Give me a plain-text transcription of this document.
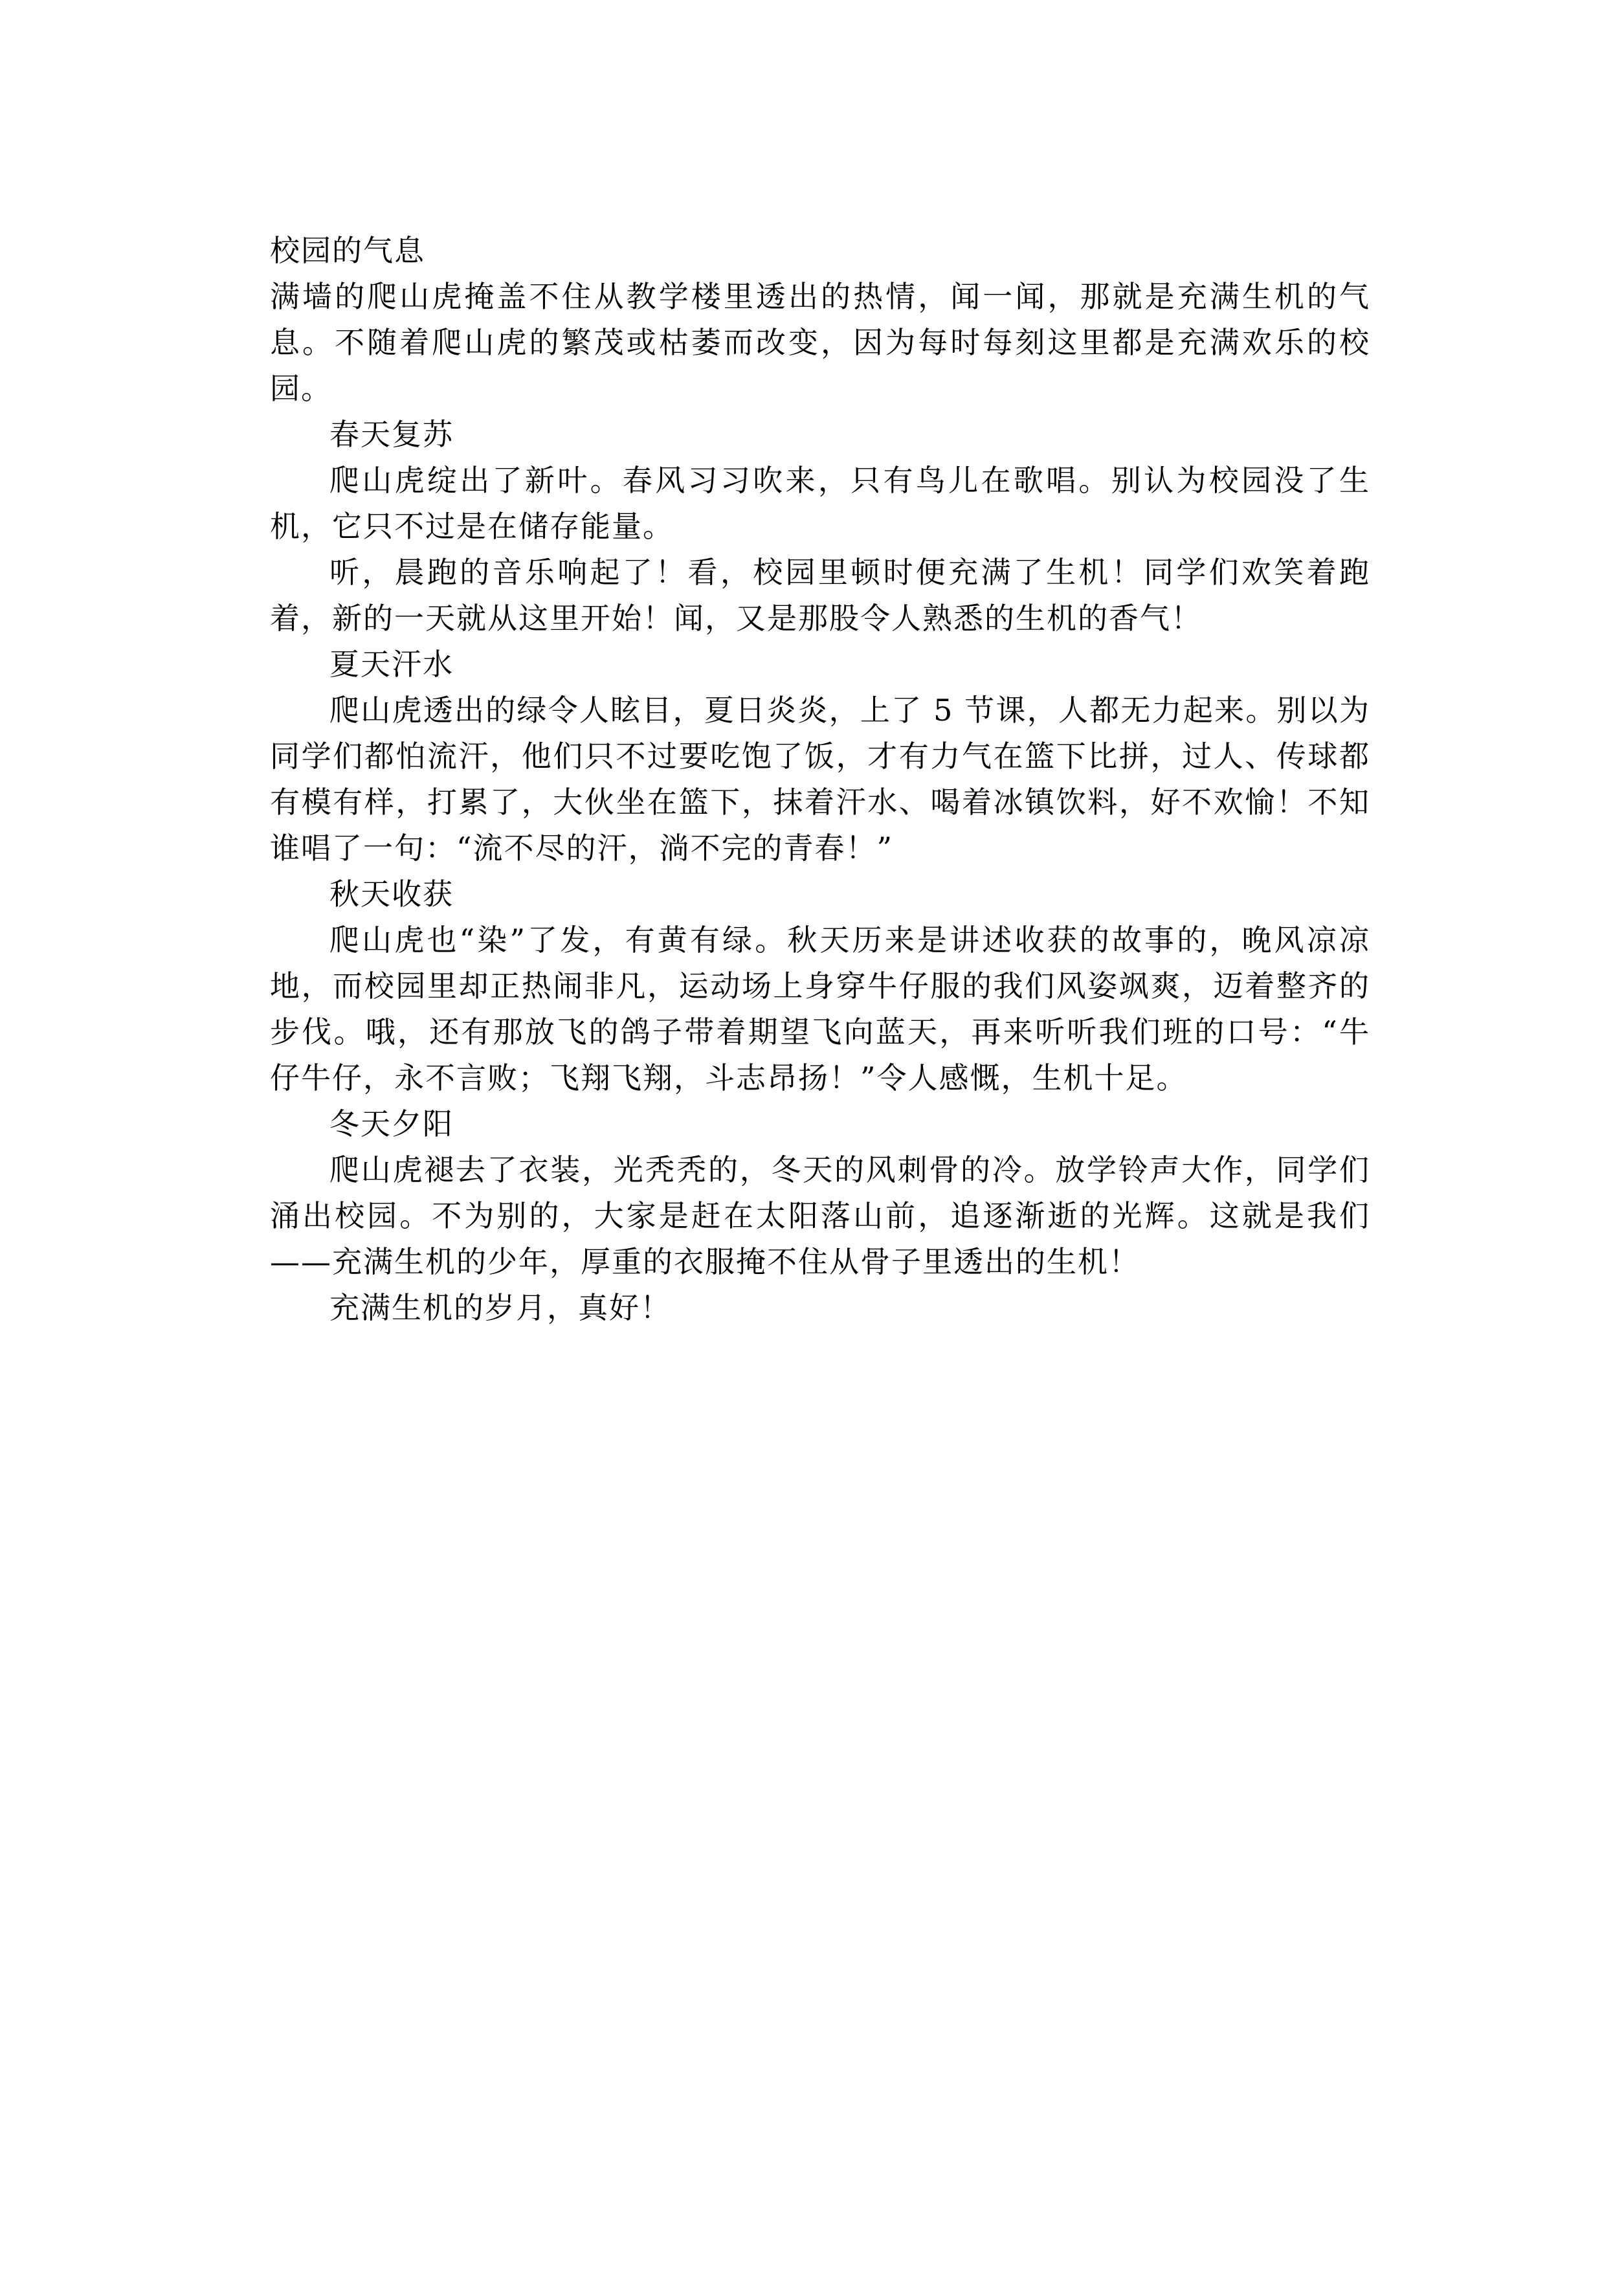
校园的气息

满墙的爬山虎掩盖不住从教学楼里透出的热情，闻一闻，那就是充满生机的气息。不随着爬山虎的繁茂或枯萎而改变，因为每时每刻这里都是充满欢乐的校园。

春天复苏

爬山虎绽出了新叶。春风习习吹来，只有鸟儿在歌唱。别认为校园没了生机，它只不过是在储存能量。

听，晨跑的音乐响起了！看，校园里顿时便充满了生机！同学们欢笑着跑着，新的一天就从这里开始！闻，又是那股令人熟悉的生机的香气！

夏天汗水

爬山虎透出的绿令人眩目，夏日炎炎，上了 5 节课，人都无力起来。别以为同学们都怕流汗，他们只不过要吃饱了饭，才有力气在篮下比拼，过人、传球都有模有样，打累了，大伙坐在篮下，抹着汗水、喝着冰镇饮料，好不欢愉！不知谁唱了一句：“流不尽的汗，淌不完的青春！”

秋天收获

爬山虎也“染”了发，有黄有绿。秋天历来是讲述收获的故事的，晚风凉凉地，而校园里却正热闹非凡，运动场上身穿牛仔服的我们风姿飒爽，迈着整齐的步伐。哦，还有那放飞的鸽子带着期望飞向蓝天，再来听听我们班的口号：“牛仔牛仔，永不言败；飞翔飞翔，斗志昂扬！”令人感慨，生机十足。

冬天夕阳

爬山虎褪去了衣装，光秃秃的，冬天的风刺骨的冷。放学铃声大作，同学们涌出校园。不为别的，大家是赶在太阳落山前，追逐渐逝的光辉。这就是我们——充满生机的少年，厚重的衣服掩不住从骨子里透出的生机！

充满生机的岁月，真好！
